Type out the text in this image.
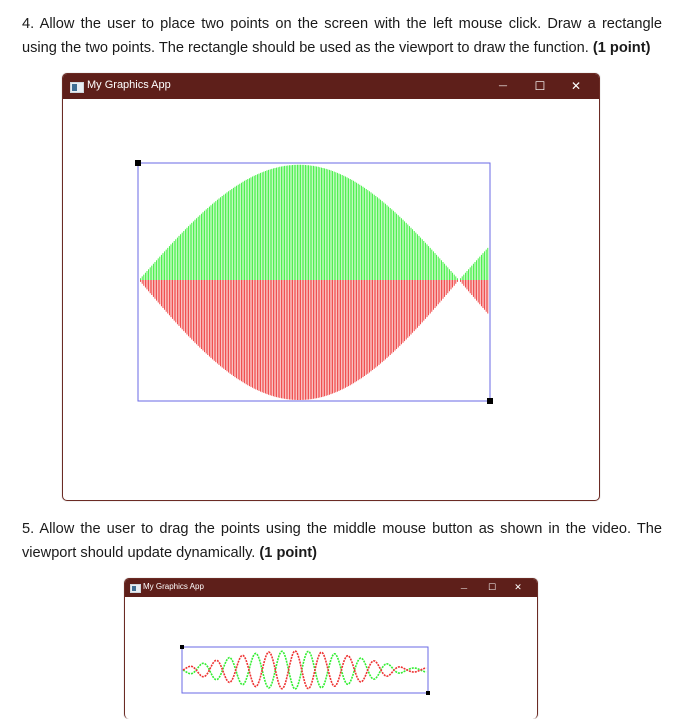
4. Allow the user to place two points on the screen with the left mouse click. Draw a rectangle using the two points. The rectangle should be used as the viewport to draw the function. (1 point)
My Graphics App	—	☐	✕
5. Allow the user to drag the points using the middle mouse button as shown in the video. The viewport should update dynamically. (1 point)
My Graphics App	—	☐	✕
